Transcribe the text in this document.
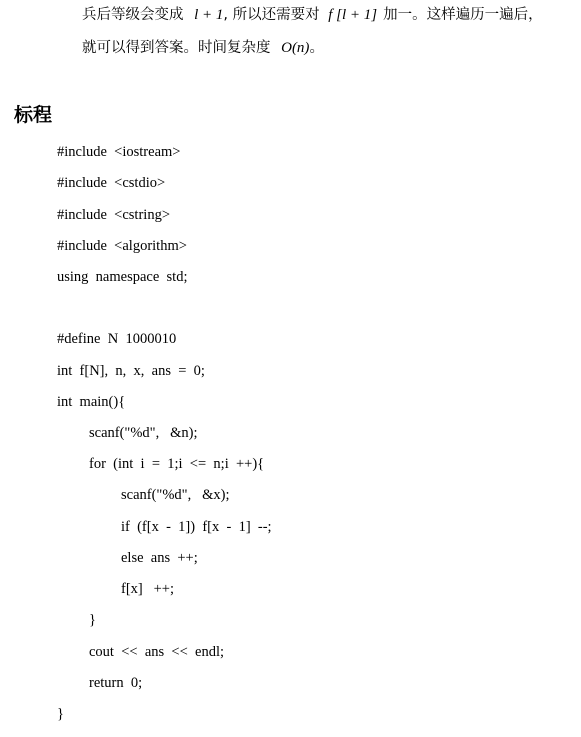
兵后等级会变成 l + 1, 所以还需要对 f [l + 1] 加一。这样遍历一遍后，
就可以得到答案。时间复杂度 O(n)。
标程
#include  <iostream>
#include  <cstdio>
#include  <cstring>
#include  <algorithm>
using  namespace  std;
#define  N  1000010
int  f[N],  n,  x,  ans  =  0;
int  main(){
scanf("%d",   &n);
for  (int  i  =  1;i  <=  n;i  ++){
scanf("%d",   &x);
if  (f[x  -  1])  f[x  -  1]  --;
else  ans  ++;
f[x]   ++;
}
cout  <<  ans  <<  endl;
return  0;
}
